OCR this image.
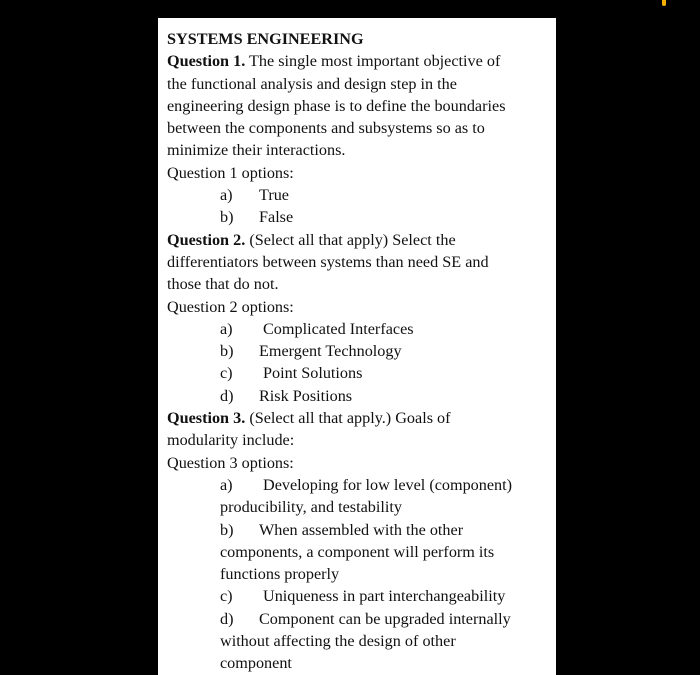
SYSTEMS ENGINEERING
Question 1. The single most important objective of
the functional analysis and design step in the
engineering design phase is to define the boundaries
between the components and subsystems so as to
minimize their interactions.
Question 1 options:
a) True
b) False
Question 2. (Select all that apply) Select the
differentiators between systems than need SE and
those that do not.
Question 2 options:
a) Complicated Interfaces
b) Emergent Technology
c) Point Solutions
d) Risk Positions
Question 3. (Select all that apply.) Goals of
modularity include:
Question 3 options:
a) Developing for low level (component)
producibility, and testability
b) When assembled with the other
components, a component will perform its
functions properly
c) Uniqueness in part interchangeability
d) Component can be upgraded internally
without affecting the design of other
component
